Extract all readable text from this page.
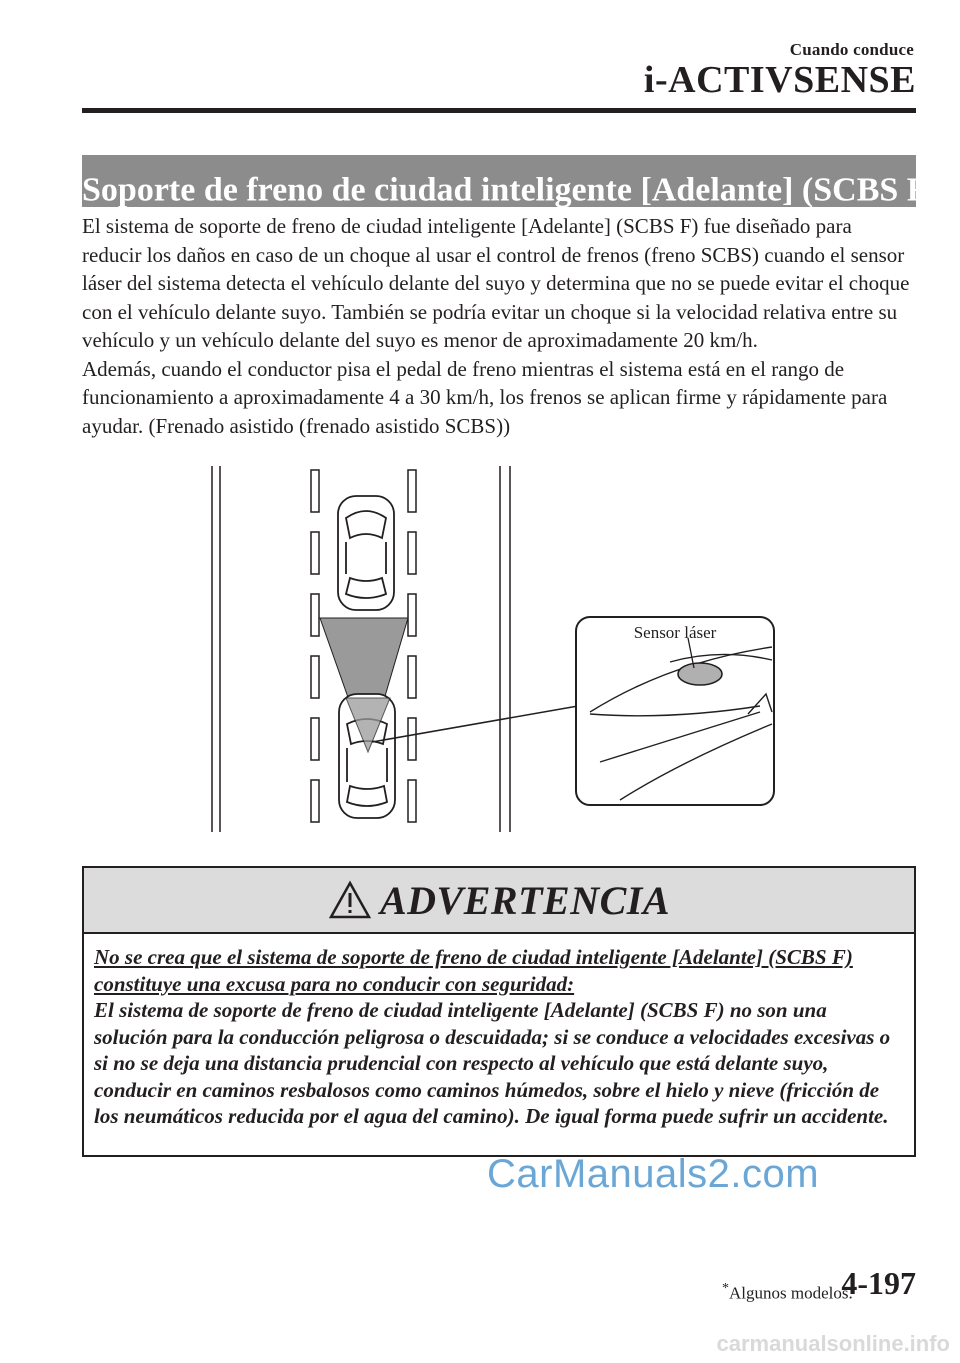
Cuando conduce
i-ACTIVSENSE
Soporte de freno de ciudad inteligente [Adelante] (SCBS F)*

El sistema de soporte de freno de ciudad inteligente [Adelante] (SCBS F) fue diseñado para reducir los daños en caso de un choque al usar el control de frenos (freno SCBS) cuando el sensor láser del sistema detecta el vehículo delante del suyo y determina que no se puede evitar el choque con el vehículo delante suyo. También se podría evitar un choque si la velocidad relativa entre su vehículo y un vehículo delante del suyo es menor de aproximadamente 20 km/h.

Además, cuando el conductor pisa el pedal de freno mientras el sistema está en el rango de funcionamiento a aproximadamente 4 a 30 km/h, los frenos se aplican firme y rápidamente para ayudar. (Frenado asistido (frenado asistido SCBS))

Sensor láser
ADVERTENCIA

No se crea que el sistema de soporte de freno de ciudad inteligente [Adelante] (SCBS F) constituye una excusa para no conducir con seguridad:

El sistema de soporte de freno de ciudad inteligente [Adelante] (SCBS F) no son una solución para la conducción peligrosa o descuidada; si se conduce a velocidades excesivas o si no se deja una distancia prudencial con respecto al vehículo que está delante suyo, conducir en caminos resbalosos como caminos húmedos, sobre el hielo y nieve (fricción de los neumáticos reducida por el agua del camino). De igual forma puede sufrir un accidente.

CarManuals2.com
*Algunos modelos.
4-197
carmanualsonline.info
